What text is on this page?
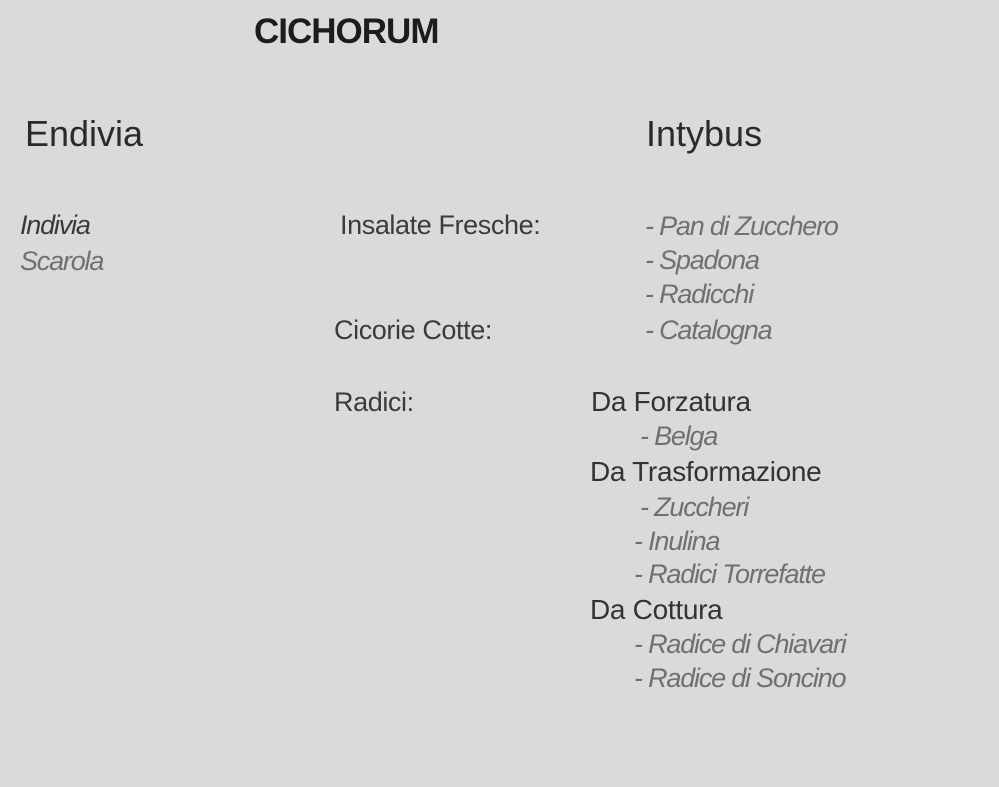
CICHORUM
Endivia
Indivia
Scarola
Intybus
Insalate Fresche:	- Pan di Zucchero
- Spadona
- Radicchi
Cicorie Cotte:	- Catalogna
Radici:	Da Forzatura
- Belga
Da Trasformazione
- Zuccheri
- Inulina
- Radici Torrefatte
Da Cottura
- Radice di Chiavari
- Radice di Soncino
